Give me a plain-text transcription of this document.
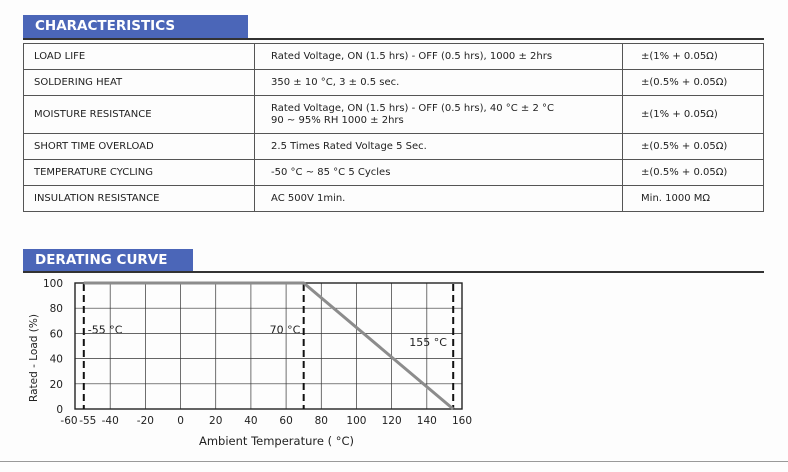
CHARACTERISTICS
LOAD LIFE	Rated Voltage, ON (1.5 hrs) - OFF (0.5 hrs), 1000 ± 2hrs	±(1% + 0.05Ω)
SOLDERING HEAT	350 ± 10 °C, 3 ± 0.5 sec.	±(0.5% + 0.05Ω)
MOISTURE RESISTANCE	Rated Voltage, ON (1.5 hrs) - OFF (0.5 hrs), 40 °C ± 2 °C
90 ~ 95% RH 1000 ± 2hrs	±(1% + 0.05Ω)
SHORT TIME OVERLOAD	2.5 Times Rated Voltage 5 Sec.	±(0.5% + 0.05Ω)
TEMPERATURE CYCLING	-50 °C ~ 85 °C 5 Cycles	±(0.5% + 0.05Ω)
INSULATION RESISTANCE	AC 500V 1min.	Min. 1000 MΩ
DERATING CURVE
-55 °C	70 °C
155 °C
0
20
40
60
80
100
-60 -55 -40 -20 0 20 40 60 80 100 120 140 160
Ambient Temperature ( °C)
Rated - Load (%)
